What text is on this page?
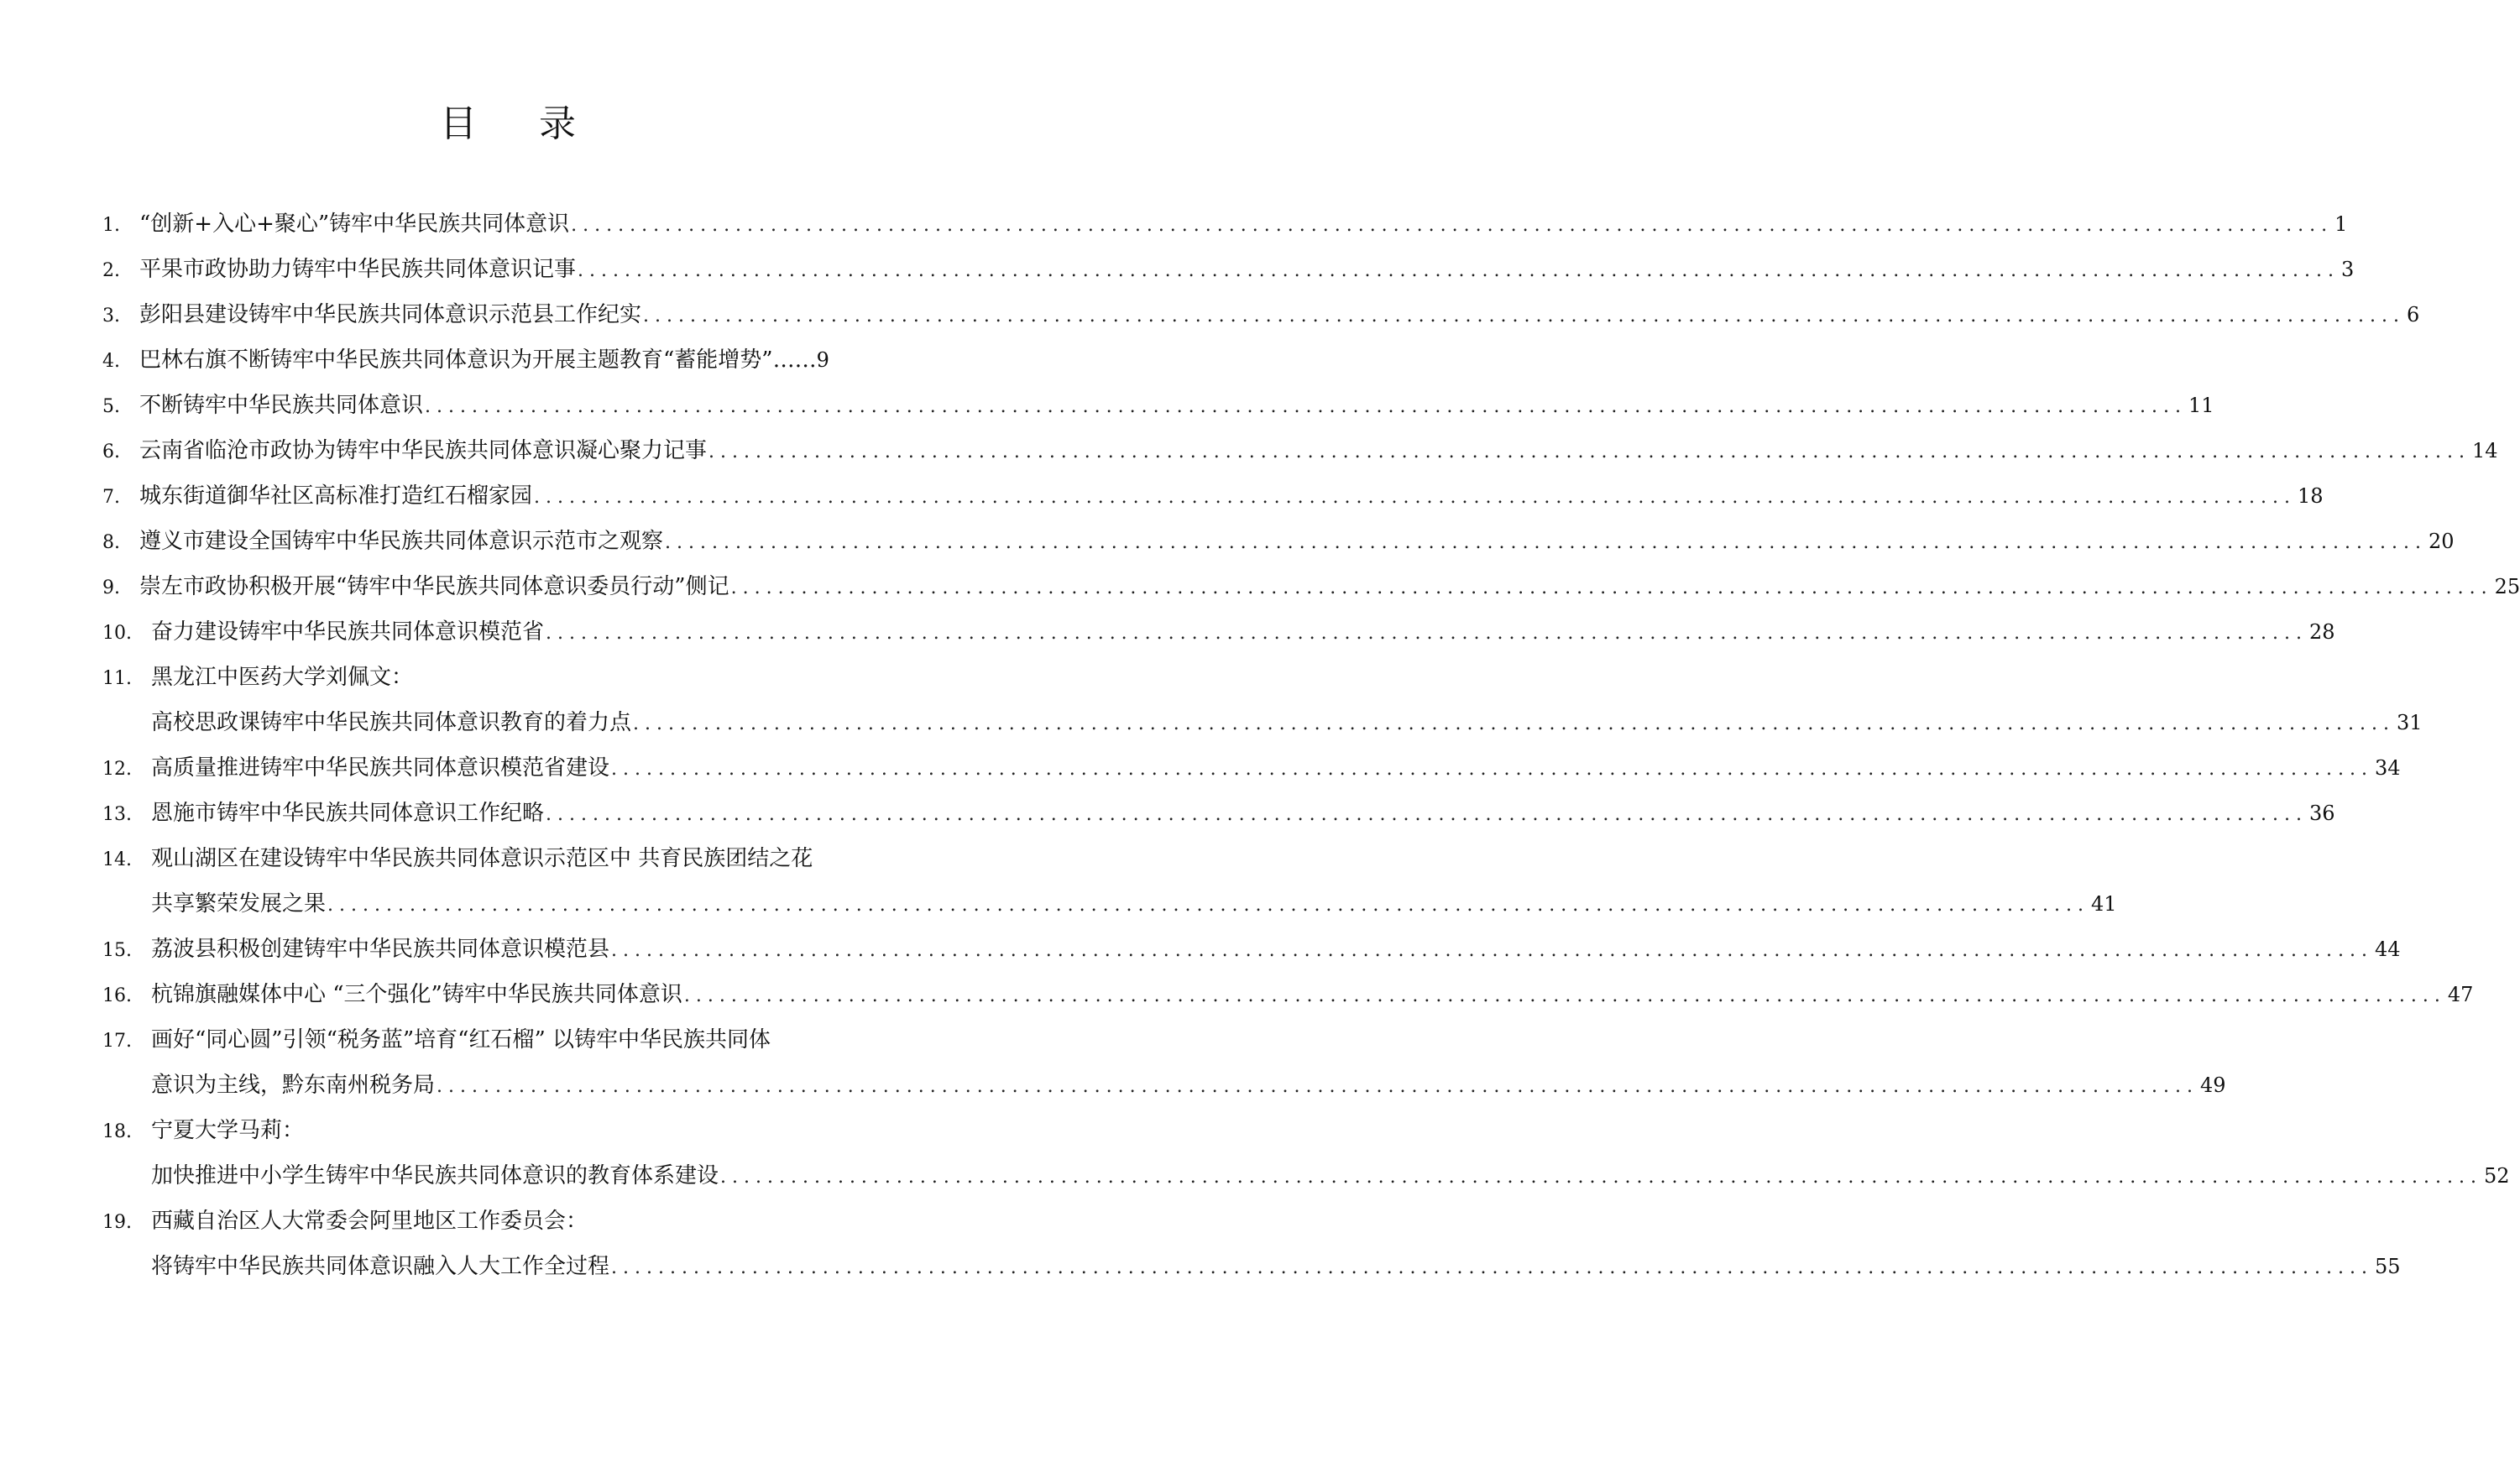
目 录
1. “创新+入心+聚心”铸牢中华民族共同体意识 .....	1
2. 平果市政协助力铸牢中华民族共同体意识记事 .....	3
3. 彭阳县建设铸牢中华民族共同体意识示范县工作纪实 .....	6
4. 巴林右旗不断铸牢中华民族共同体意识为开展主题教育“蓄能增势”…… 9
5. 不断铸牢中华民族共同体意识 .....	11
6. 云南省临沧市政协为铸牢中华民族共同体意识凝心聚力记事 .....	14
7. 城东街道御华社区高标准打造红石榴家园 .....	18
8. 遵义市建设全国铸牢中华民族共同体意识示范市之观察 .....	20
9. 崇左市政协积极开展“铸牢中华民族共同体意识委员行动”侧记 .....	25
10. 奋力建设铸牢中华民族共同体意识模范省 .....	28
11. 黑龙江中医药大学刘佩文：
高校思政课铸牢中华民族共同体意识教育的着力点 .....	31
12. 高质量推进铸牢中华民族共同体意识模范省建设 .....	34
13. 恩施市铸牢中华民族共同体意识工作纪略 .....	36
14. 观山湖区在建设铸牢中华民族共同体意识示范区中 共育民族团结之花
共享繁荣发展之果 .....	41
15. 荔波县积极创建铸牢中华民族共同体意识模范县 .....	44
16. 杭锦旗融媒体中心 “三个强化”铸牢中华民族共同体意识 .....	47
17. 画好“同心圆”引领“税务蓝”培育“红石榴” 以铸牢中华民族共同体
意识为主线，黔东南州税务局 .....	49
18. 宁夏大学马莉：
加快推进中小学生铸牢中华民族共同体意识的教育体系建设 .....	52
19. 西藏自治区人大常委会阿里地区工作委员会：
将铸牢中华民族共同体意识融入人大工作全过程 .....	55
